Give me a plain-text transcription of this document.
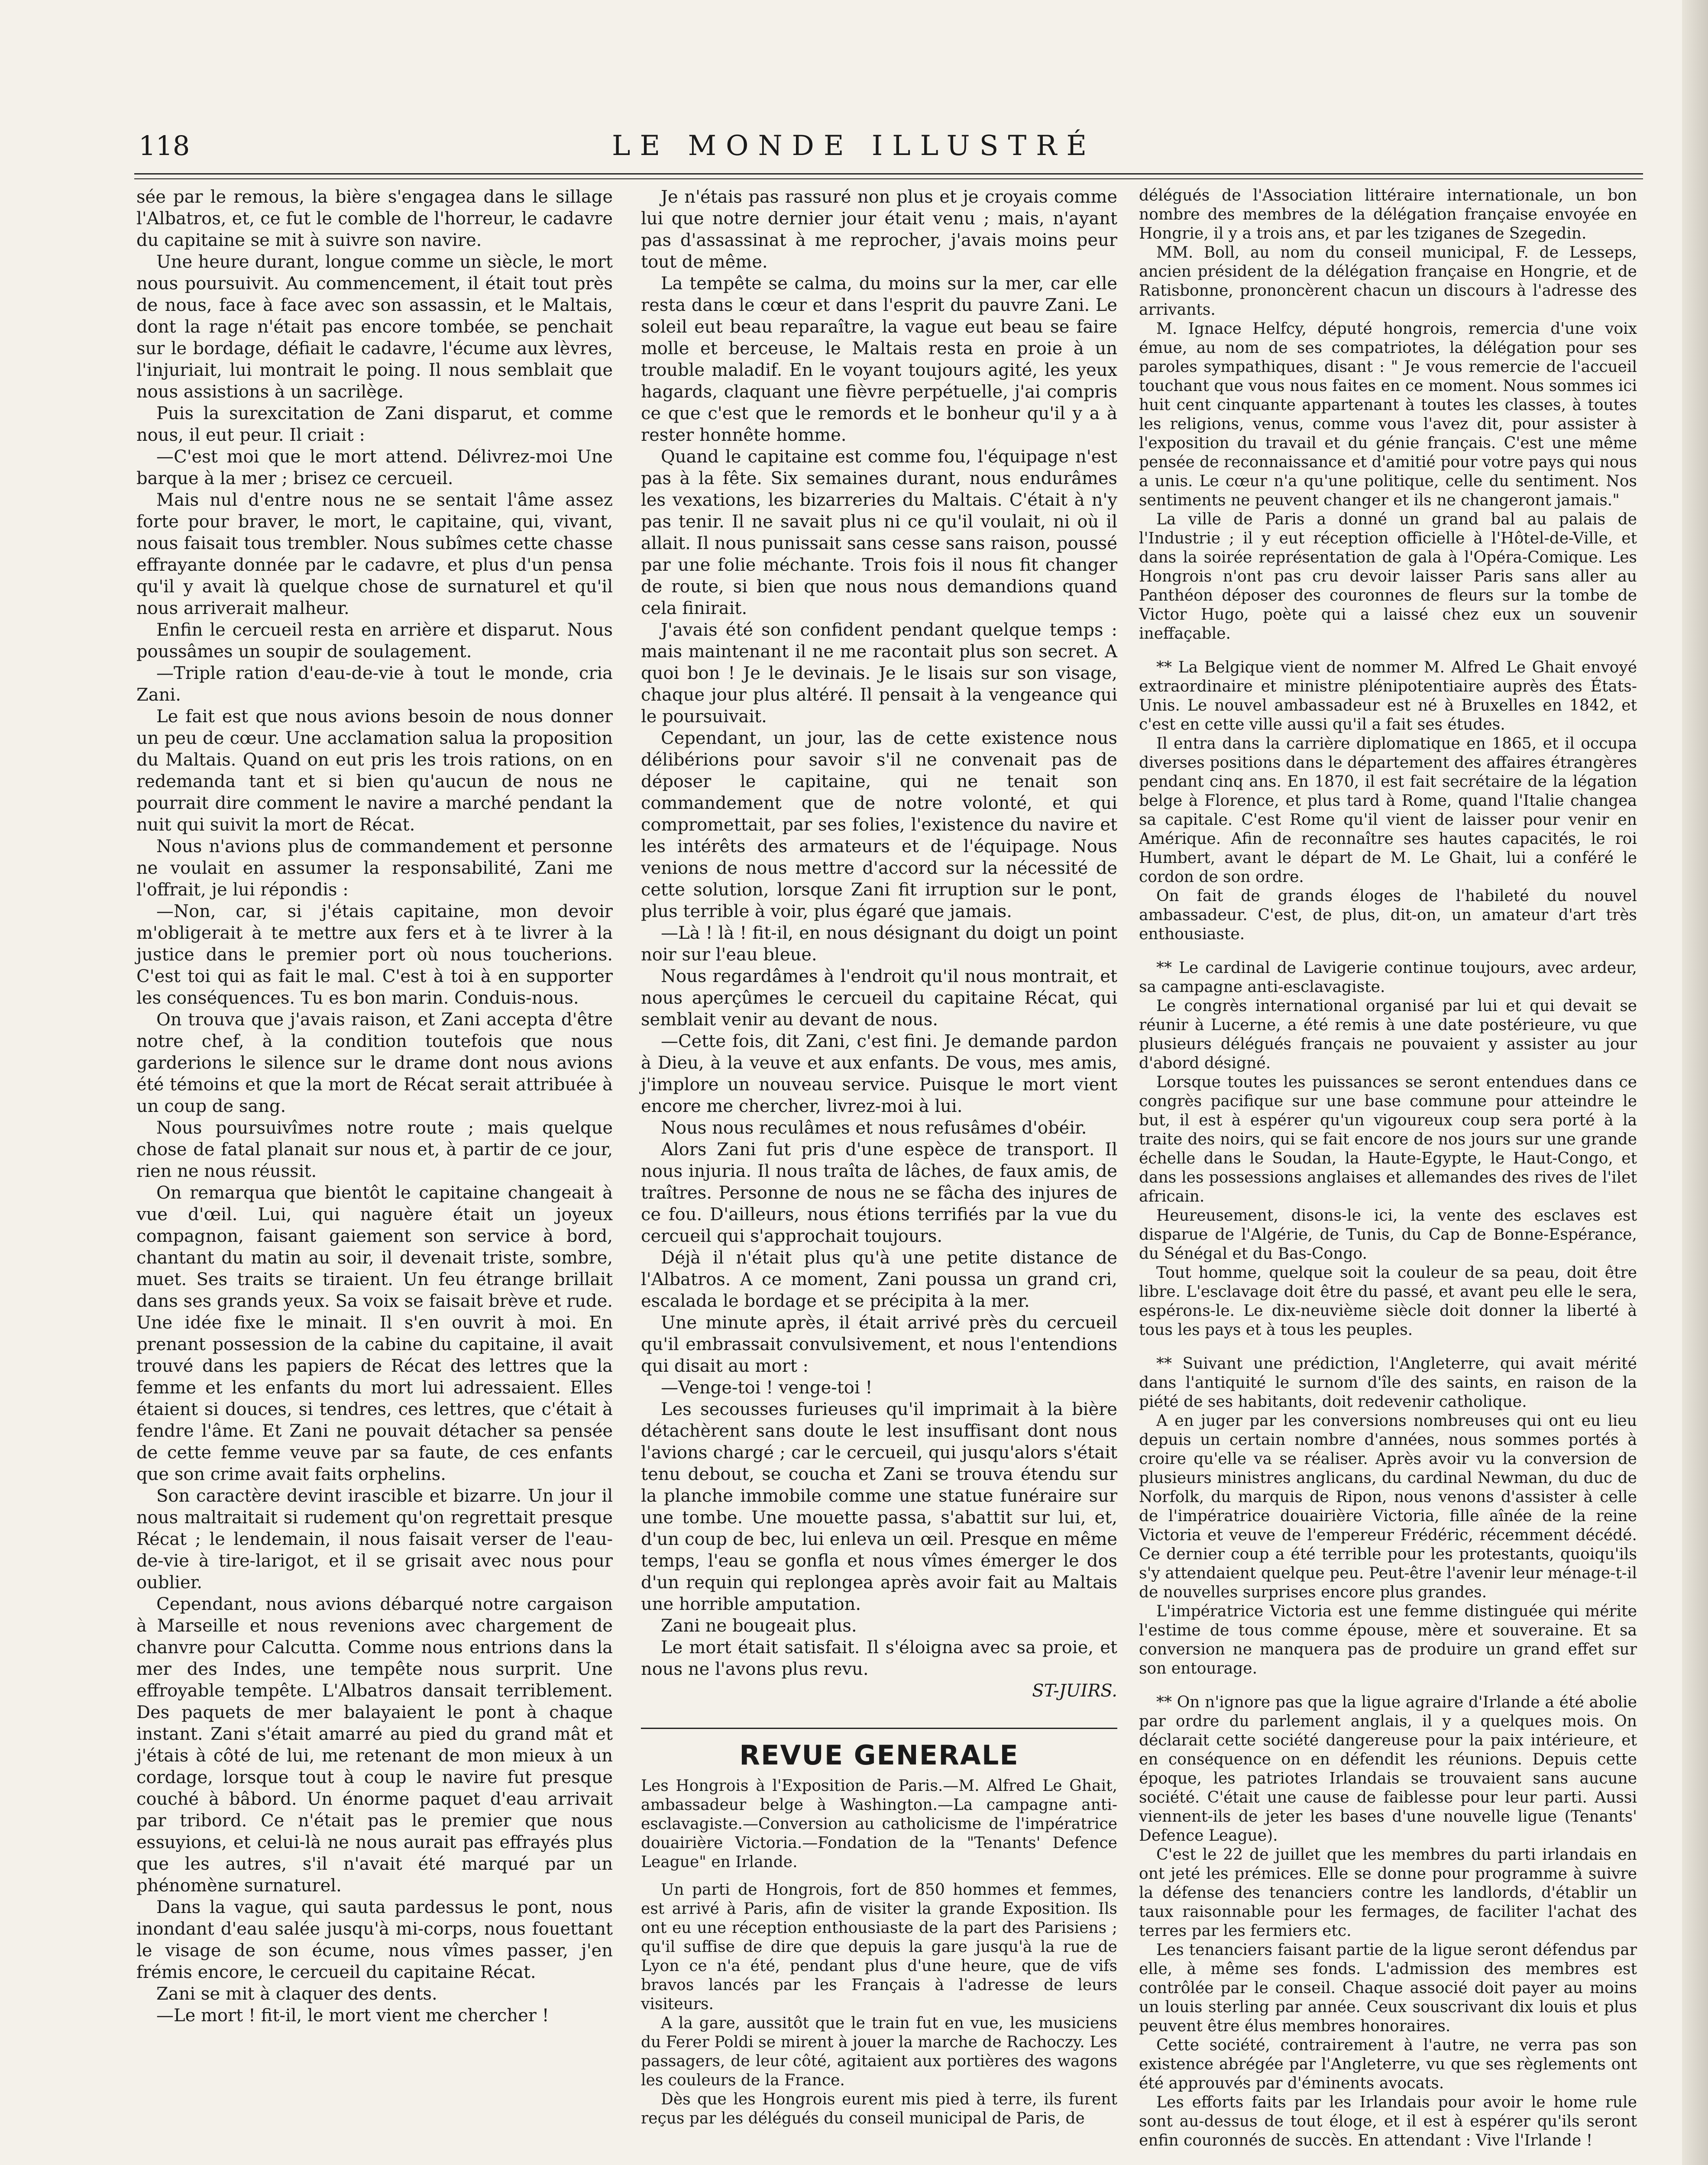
118	LE MONDE ILLUSTRÉ

sée par le remous, la bière s'engagea dans le sillage l'Albatros, et, ce fut le comble de l'horreur, le cadavre du capitaine se mit à suivre son navire.

Une heure durant, longue comme un siècle, le mort nous poursuivit. Au commencement, il était tout près de nous, face à face avec son assassin, et le Maltais, dont la rage n'était pas encore tombée, se penchait sur le bordage, défiait le cadavre, l'écume aux lèvres, l'injuriait, lui montrait le poing. Il nous semblait que nous assistions à un sacrilège.

Puis la surexcitation de Zani disparut, et comme nous, il eut peur. Il criait :

—C'est moi que le mort attend. Délivrez-moi Une barque à la mer ; brisez ce cercueil.

Mais nul d'entre nous ne se sentait l'âme assez forte pour braver, le mort, le capitaine, qui, vivant, nous faisait tous trembler. Nous subîmes cette chasse effrayante donnée par le cadavre, et plus d'un pensa qu'il y avait là quelque chose de surnaturel et qu'il nous arriverait malheur.

Enfin le cercueil resta en arrière et disparut. Nous poussâmes un soupir de soulagement.

—Triple ration d'eau-de-vie à tout le monde, cria Zani.

Le fait est que nous avions besoin de nous donner un peu de cœur. Une acclamation salua la proposition du Maltais. Quand on eut pris les trois rations, on en redemanda tant et si bien qu'aucun de nous ne pourrait dire comment le navire a marché pendant la nuit qui suivit la mort de Récat.

Nous n'avions plus de commandement et personne ne voulait en assumer la responsabilité, Zani me l'offrait, je lui répondis :

—Non, car, si j'étais capitaine, mon devoir m'obligerait à te mettre aux fers et à te livrer à la justice dans le premier port où nous toucherions. C'est toi qui as fait le mal. C'est à toi à en supporter les conséquences. Tu es bon marin. Conduis-nous.

On trouva que j'avais raison, et Zani accepta d'être notre chef, à la condition toutefois que nous garderions le silence sur le drame dont nous avions été témoins et que la mort de Récat serait attribuée à un coup de sang.

Nous poursuivîmes notre route ; mais quelque chose de fatal planait sur nous et, à partir de ce jour, rien ne nous réussit.

On remarqua que bientôt le capitaine changeait à vue d'œil. Lui, qui naguère était un joyeux compagnon, faisant gaiement son service à bord, chantant du matin au soir, il devenait triste, sombre, muet. Ses traits se tiraient. Un feu étrange brillait dans ses grands yeux. Sa voix se faisait brève et rude. Une idée fixe le minait. Il s'en ouvrit à moi. En prenant possession de la cabine du capitaine, il avait trouvé dans les papiers de Récat des lettres que la femme et les enfants du mort lui adressaient. Elles étaient si douces, si tendres, ces lettres, que c'était à fendre l'âme. Et Zani ne pouvait détacher sa pensée de cette femme veuve par sa faute, de ces enfants que son crime avait faits orphelins.

Son caractère devint irascible et bizarre. Un jour il nous maltraitait si rudement qu'on regrettait presque Récat ; le lendemain, il nous faisait verser de l'eau-de-vie à tire-larigot, et il se grisait avec nous pour oublier.

Cependant, nous avions débarqué notre cargaison à Marseille et nous revenions avec chargement de chanvre pour Calcutta. Comme nous entrions dans la mer des Indes, une tempête nous surprit. Une effroyable tempête. L'Albatros dansait terriblement. Des paquets de mer balayaient le pont à chaque instant. Zani s'était amarré au pied du grand mât et j'étais à côté de lui, me retenant de mon mieux à un cordage, lorsque tout à coup le navire fut presque couché à bâbord. Un énorme paquet d'eau arrivait par tribord. Ce n'était pas le premier que nous essuyions, et celui-là ne nous aurait pas effrayés plus que les autres, s'il n'avait été marqué par un phénomène surnaturel.

Dans la vague, qui sauta pardessus le pont, nous inondant d'eau salée jusqu'à mi-corps, nous fouettant le visage de son écume, nous vîmes passer, j'en frémis encore, le cercueil du capitaine Récat.

Zani se mit à claquer des dents.

—Le mort ! fit-il, le mort vient me chercher !

Je n'étais pas rassuré non plus et je croyais comme lui que notre dernier jour était venu ; mais, n'ayant pas d'assassinat à me reprocher, j'avais moins peur tout de même.

La tempête se calma, du moins sur la mer, car elle resta dans le cœur et dans l'esprit du pauvre Zani. Le soleil eut beau reparaître, la vague eut beau se faire molle et berceuse, le Maltais resta en proie à un trouble maladif. En le voyant toujours agité, les yeux hagards, claquant une fièvre perpétuelle, j'ai compris ce que c'est que le remords et le bonheur qu'il y a à rester honnête homme.

Quand le capitaine est comme fou, l'équipage n'est pas à la fête. Six semaines durant, nous endurâmes les vexations, les bizarreries du Maltais. C'était à n'y pas tenir. Il ne savait plus ni ce qu'il voulait, ni où il allait. Il nous punissait sans cesse sans raison, poussé par une folie méchante. Trois fois il nous fit changer de route, si bien que nous nous demandions quand cela finirait.

J'avais été son confident pendant quelque temps : mais maintenant il ne me racontait plus son secret. A quoi bon ! Je le devinais. Je le lisais sur son visage, chaque jour plus altéré. Il pensait à la vengeance qui le poursuivait.

Cependant, un jour, las de cette existence nous délibérions pour savoir s'il ne convenait pas de déposer le capitaine, qui ne tenait son commandement que de notre volonté, et qui compromettait, par ses folies, l'existence du navire et les intérêts des armateurs et de l'équipage. Nous venions de nous mettre d'accord sur la nécessité de cette solution, lorsque Zani fit irruption sur le pont, plus terrible à voir, plus égaré que jamais.

—Là ! là ! fit-il, en nous désignant du doigt un point noir sur l'eau bleue.

Nous regardâmes à l'endroit qu'il nous montrait, et nous aperçûmes le cercueil du capitaine Récat, qui semblait venir au devant de nous.

—Cette fois, dit Zani, c'est fini. Je demande pardon à Dieu, à la veuve et aux enfants. De vous, mes amis, j'implore un nouveau service. Puisque le mort vient encore me chercher, livrez-moi à lui.

Nous nous reculâmes et nous refusâmes d'obéir.

Alors Zani fut pris d'une espèce de transport. Il nous injuria. Il nous traîta de lâches, de faux amis, de traîtres. Personne de nous ne se fâcha des injures de ce fou. D'ailleurs, nous étions terrifiés par la vue du cercueil qui s'approchait toujours.

Déjà il n'était plus qu'à une petite distance de l'Albatros. A ce moment, Zani poussa un grand cri, escalada le bordage et se précipita à la mer.

Une minute après, il était arrivé près du cercueil qu'il embrassait convulsivement, et nous l'entendions qui disait au mort :

—Venge-toi ! venge-toi !

Les secousses furieuses qu'il imprimait à la bière détachèrent sans doute le lest insuffisant dont nous l'avions chargé ; car le cercueil, qui jusqu'alors s'était tenu debout, se coucha et Zani se trouva étendu sur la planche immobile comme une statue funéraire sur une tombe. Une mouette passa, s'abattit sur lui, et, d'un coup de bec, lui enleva un œil. Presque en même temps, l'eau se gonfla et nous vîmes émerger le dos d'un requin qui replongea après avoir fait au Maltais une horrible amputation.

Zani ne bougeait plus.

Le mort était satisfait. Il s'éloigna avec sa proie, et nous ne l'avons plus revu.

ST-JUIRS.

REVUE GENERALE

Les Hongrois à l'Exposition de Paris.—M. Alfred Le Ghait, ambassadeur belge à Washington.—La campagne anti-esclavagiste.—Conversion au catholicisme de l'impératrice douairière Victoria.—Fondation de la "Tenants' Defence League" en Irlande.

Un parti de Hongrois, fort de 850 hommes et femmes, est arrivé à Paris, afin de visiter la grande Exposition. Ils ont eu une réception enthousiaste de la part des Parisiens ; qu'il suffise de dire que depuis la gare jusqu'à la rue de Lyon ce n'a été, pendant plus d'une heure, que de vifs bravos lancés par les Français à l'adresse de leurs visiteurs.

A la gare, aussitôt que le train fut en vue, les musiciens du Ferer Poldi se mirent à jouer la marche de Rachoczy. Les passagers, de leur côté, agitaient aux portières des wagons les couleurs de la France.

Dès que les Hongrois eurent mis pied à terre, ils furent reçus par les délégués du conseil municipal de Paris, de

délégués de l'Association littéraire internationale, un bon nombre des membres de la délégation française envoyée en Hongrie, il y a trois ans, et par les tziganes de Szegedin.

MM. Boll, au nom du conseil municipal, F. de Lesseps, ancien président de la délégation française en Hongrie, et de Ratisbonne, prononcèrent chacun un discours à l'adresse des arrivants.

M. Ignace Helfcy, député hongrois, remercia d'une voix émue, au nom de ses compatriotes, la délégation pour ses paroles sympathiques, disant : " Je vous remercie de l'accueil touchant que vous nous faites en ce moment. Nous sommes ici huit cent cinquante appartenant à toutes les classes, à toutes les religions, venus, comme vous l'avez dit, pour assister à l'exposition du travail et du génie français. C'est une même pensée de reconnaissance et d'amitié pour votre pays qui nous a unis. Le cœur n'a qu'une politique, celle du sentiment. Nos sentiments ne peuvent changer et ils ne changeront jamais."

La ville de Paris a donné un grand bal au palais de l'Industrie ; il y eut réception officielle à l'Hôtel-de-Ville, et dans la soirée représentation de gala à l'Opéra-Comique. Les Hongrois n'ont pas cru devoir laisser Paris sans aller au Panthéon déposer des couronnes de fleurs sur la tombe de Victor Hugo, poète qui a laissé chez eux un souvenir ineffaçable.

** La Belgique vient de nommer M. Alfred Le Ghait envoyé extraordinaire et ministre plénipotentiaire auprès des États-Unis. Le nouvel ambassadeur est né à Bruxelles en 1842, et c'est en cette ville aussi qu'il a fait ses études.

Il entra dans la carrière diplomatique en 1865, et il occupa diverses positions dans le département des affaires étrangères pendant cinq ans. En 1870, il est fait secrétaire de la légation belge à Florence, et plus tard à Rome, quand l'Italie changea sa capitale. C'est Rome qu'il vient de laisser pour venir en Amérique. Afin de reconnaître ses hautes capacités, le roi Humbert, avant le départ de M. Le Ghait, lui a conféré le cordon de son ordre.

On fait de grands éloges de l'habileté du nouvel ambassadeur. C'est, de plus, dit-on, un amateur d'art très enthousiaste.

** Le cardinal de Lavigerie continue toujours, avec ardeur, sa campagne anti-esclavagiste.

Le congrès international organisé par lui et qui devait se réunir à Lucerne, a été remis à une date postérieure, vu que plusieurs délégués français ne pouvaient y assister au jour d'abord désigné.

Lorsque toutes les puissances se seront entendues dans ce congrès pacifique sur une base commune pour atteindre le but, il est à espérer qu'un vigoureux coup sera porté à la traite des noirs, qui se fait encore de nos jours sur une grande échelle dans le Soudan, la Haute-Egypte, le Haut-Congo, et dans les possessions anglaises et allemandes des rives de l'ilet africain.

Heureusement, disons-le ici, la vente des esclaves est disparue de l'Algérie, de Tunis, du Cap de Bonne-Espérance, du Sénégal et du Bas-Congo.

Tout homme, quelque soit la couleur de sa peau, doit être libre. L'esclavage doit être du passé, et avant peu elle le sera, espérons-le. Le dix-neuvième siècle doit donner la liberté à tous les pays et à tous les peuples.

** Suivant une prédiction, l'Angleterre, qui avait mérité dans l'antiquité le surnom d'île des saints, en raison de la piété de ses habitants, doit redevenir catholique.

A en juger par les conversions nombreuses qui ont eu lieu depuis un certain nombre d'années, nous sommes portés à croire qu'elle va se réaliser. Après avoir vu la conversion de plusieurs ministres anglicans, du cardinal Newman, du duc de Norfolk, du marquis de Ripon, nous venons d'assister à celle de l'impératrice douairière Victoria, fille aînée de la reine Victoria et veuve de l'empereur Frédéric, récemment décédé. Ce dernier coup a été terrible pour les protestants, quoiqu'ils s'y attendaient quelque peu. Peut-être l'avenir leur ménage-t-il de nouvelles surprises encore plus grandes.

L'impératrice Victoria est une femme distinguée qui mérite l'estime de tous comme épouse, mère et souveraine. Et sa conversion ne manquera pas de produire un grand effet sur son entourage.

** On n'ignore pas que la ligue agraire d'Irlande a été abolie par ordre du parlement anglais, il y a quelques mois. On déclarait cette société dangereuse pour la paix intérieure, et en conséquence on en défendit les réunions. Depuis cette époque, les patriotes Irlandais se trouvaient sans aucune société. C'était une cause de faiblesse pour leur parti. Aussi viennent-ils de jeter les bases d'une nouvelle ligue (Tenants' Defence League).

C'est le 22 de juillet que les membres du parti irlandais en ont jeté les prémices. Elle se donne pour programme à suivre la défense des tenanciers contre les landlords, d'établir un taux raisonnable pour les fermages, de faciliter l'achat des terres par les fermiers etc.

Les tenanciers faisant partie de la ligue seront défendus par elle, à même ses fonds. L'admission des membres est contrôlée par le conseil. Chaque associé doit payer au moins un louis sterling par année. Ceux souscrivant dix louis et plus peuvent être élus membres honoraires.

Cette société, contrairement à l'autre, ne verra pas son existence abrégée par l'Angleterre, vu que ses règlements ont été approuvés par d'éminents avocats.

Les efforts faits par les Irlandais pour avoir le home rule sont au-dessus de tout éloge, et il est à espérer qu'ils seront enfin couronnés de succès. En attendant : Vive l'Irlande !
